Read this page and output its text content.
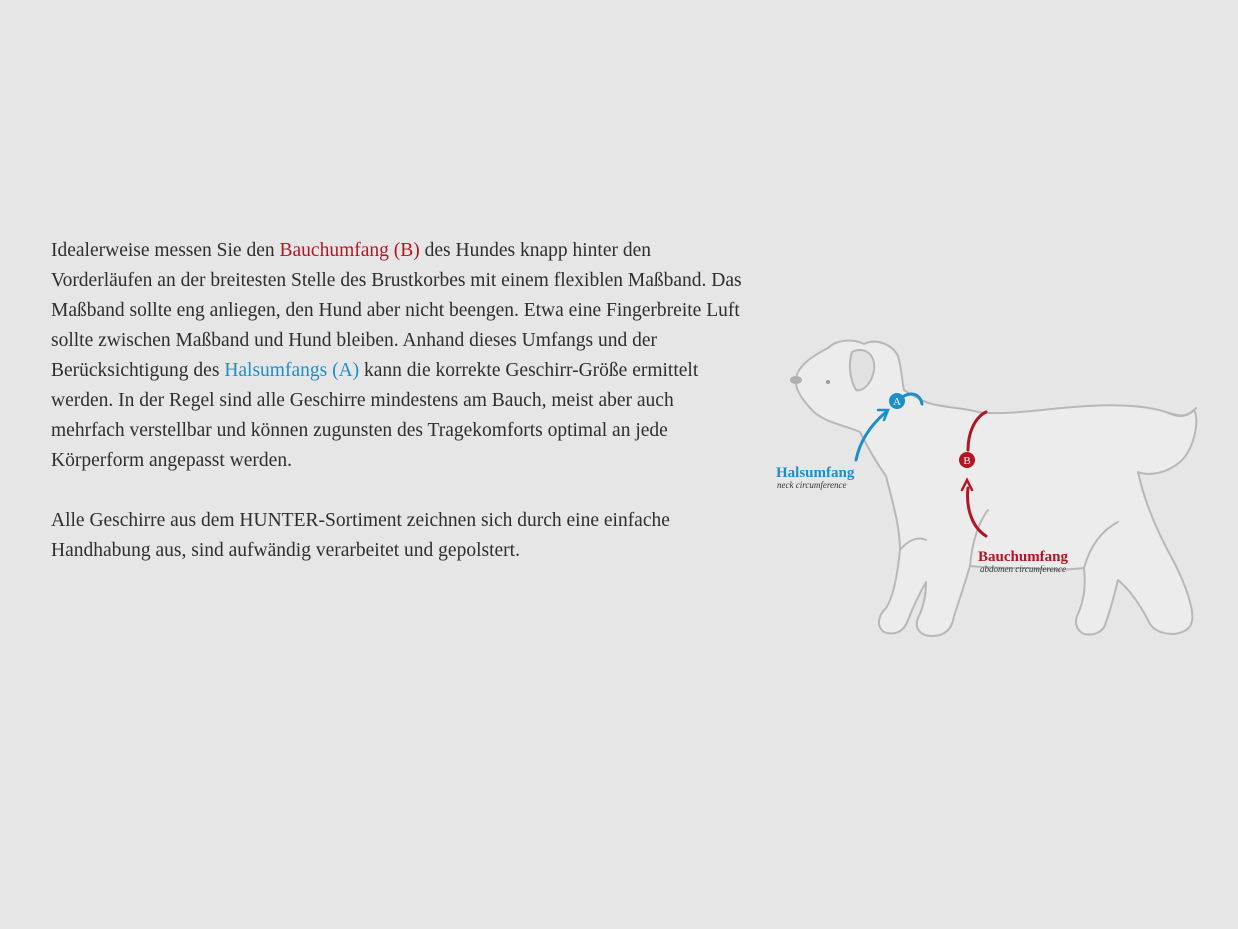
Idealerweise messen Sie den Bauchumfang (B) des Hundes knapp hinter den Vorderläufen an der breitesten Stelle des Brustkorbes mit einem flexiblen Maßband. Das Maßband sollte eng anliegen, den Hund aber nicht beengen. Etwa eine Fingerbreite Luft sollte zwischen Maßband und Hund bleiben. Anhand dieses Umfangs und der Berücksichtigung des Halsumfangs (A) kann die korrekte Geschirr-Größe ermittelt werden. In der Regel sind alle Geschirre mindestens am Bauch, meist aber auch mehrfach verstellbar und können zugunsten des Tragekomforts optimal an jede Körperform angepasst werden.

Alle Geschirre aus dem HUNTER-Sortiment zeichnen sich durch eine einfache Handhabung aus, sind aufwändig verarbeitet und gepolstert.

A
B
Halsumfang
neck circumference
Bauchumfang
abdomen circumference
